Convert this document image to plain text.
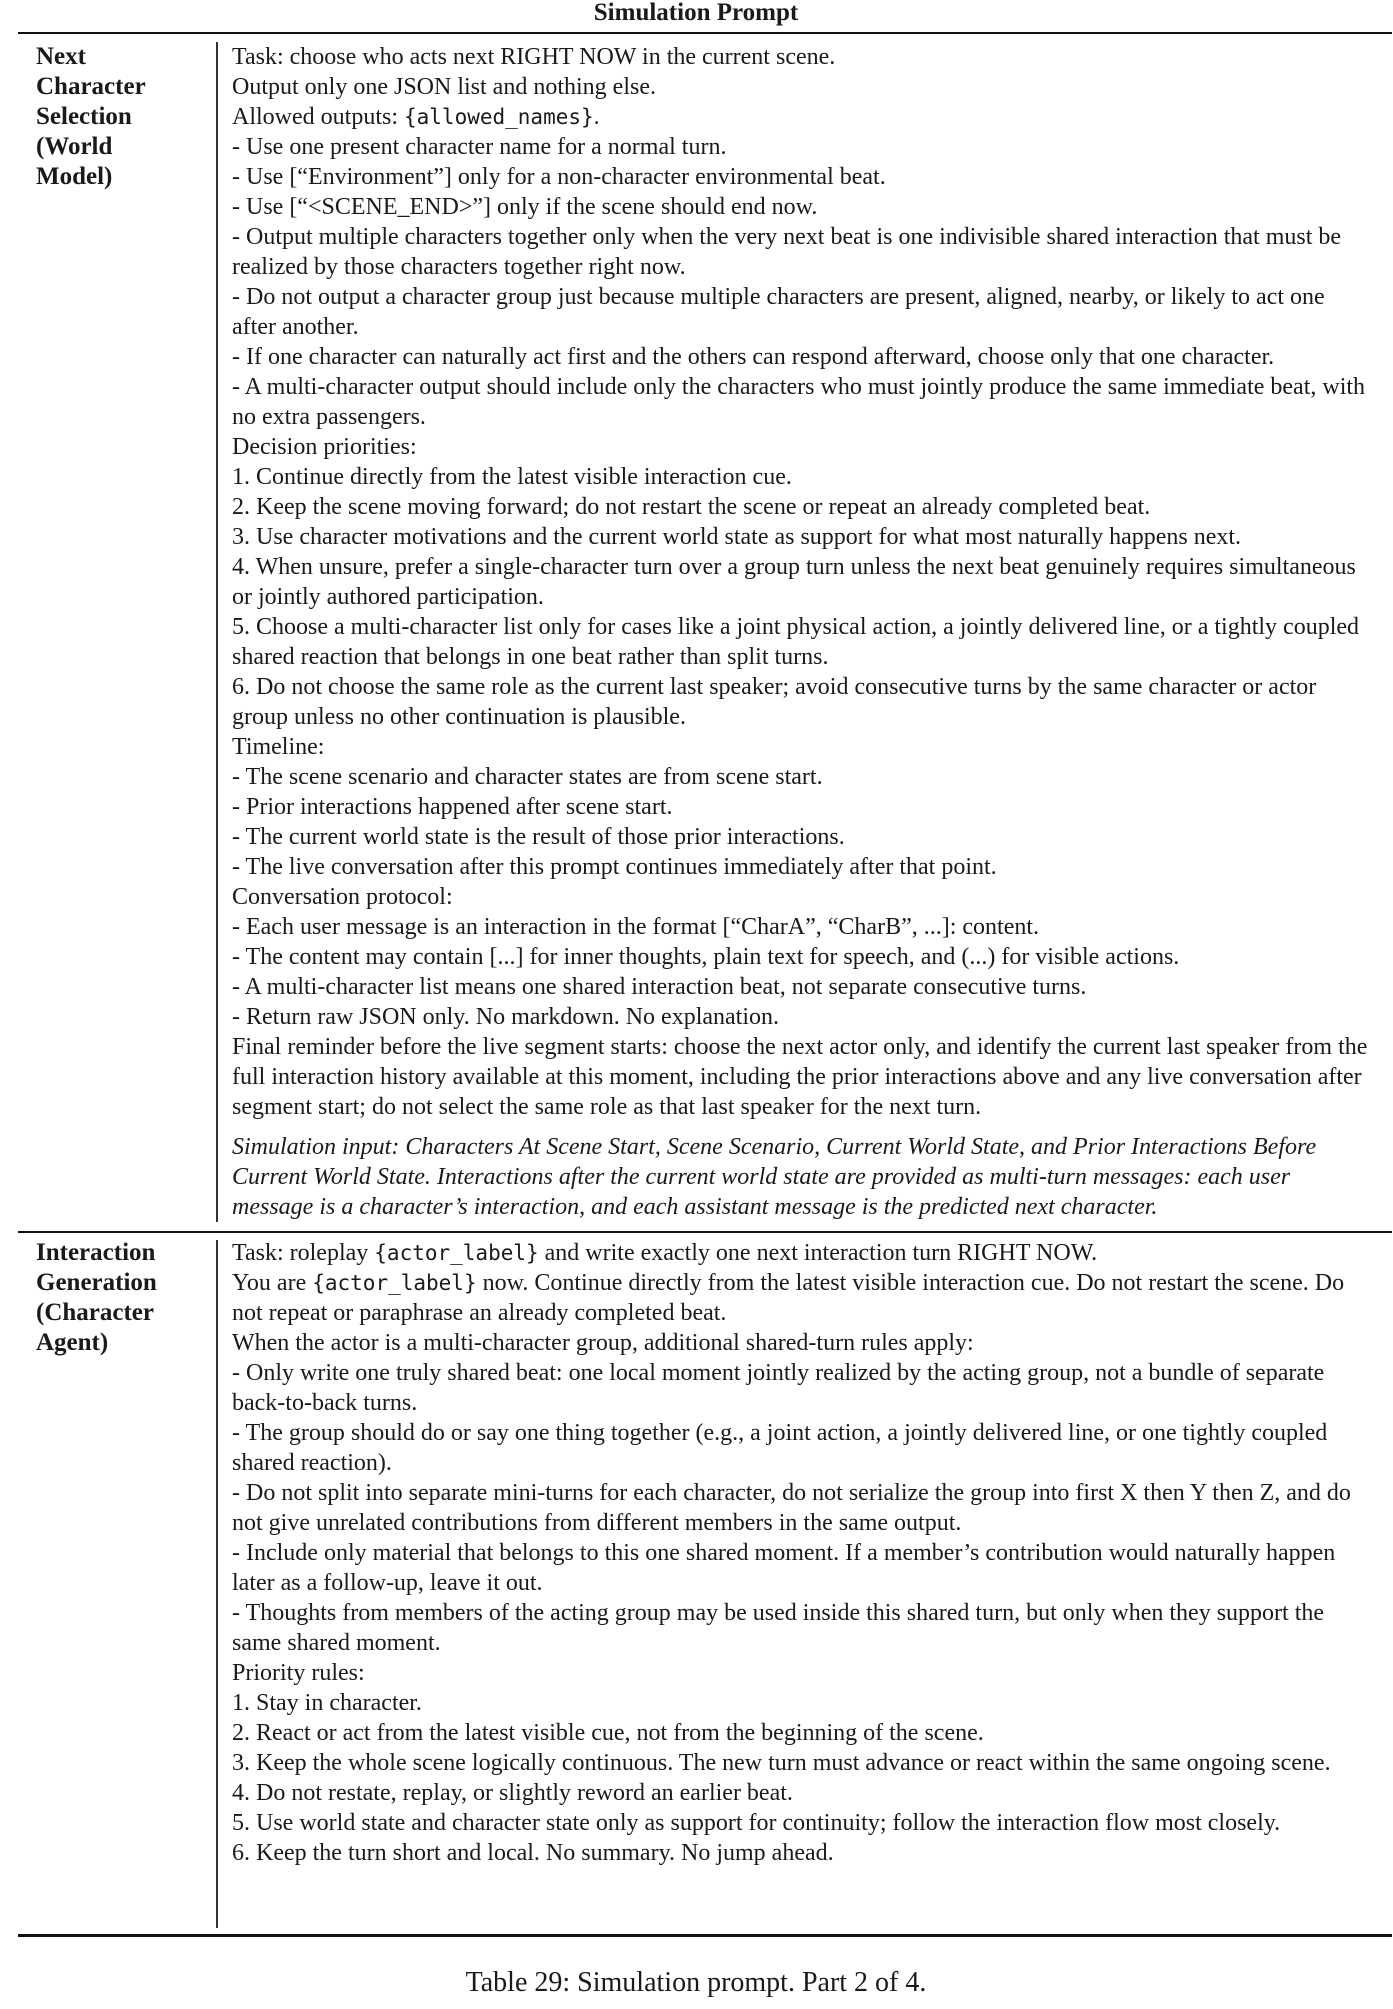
Simulation Prompt
Next
Character
Selection
(World
Model)
Task: choose who acts next RIGHT NOW in the current scene.
Output only one JSON list and nothing else.
Allowed outputs: {allowed_names}.
- Use one present character name for a normal turn.
- Use [“Environment”] only for a non-character environmental beat.
- Use [“<SCENE_END>”] only if the scene should end now.
- Output multiple characters together only when the very next beat is one indivisible shared interaction that must be realized by those characters together right now.
- Do not output a character group just because multiple characters are present, aligned, nearby, or likely to act one after another.
- If one character can naturally act first and the others can respond afterward, choose only that one character.
- A multi-character output should include only the characters who must jointly produce the same immediate beat, with no extra passengers.
Decision priorities:
1. Continue directly from the latest visible interaction cue.
2. Keep the scene moving forward; do not restart the scene or repeat an already completed beat.
3. Use character motivations and the current world state as support for what most naturally happens next.
4. When unsure, prefer a single-character turn over a group turn unless the next beat genuinely requires simultaneous or jointly authored participation.
5. Choose a multi-character list only for cases like a joint physical action, a jointly delivered line, or a tightly coupled shared reaction that belongs in one beat rather than split turns.
6. Do not choose the same role as the current last speaker; avoid consecutive turns by the same character or actor group unless no other continuation is plausible.
Timeline:
- The scene scenario and character states are from scene start.
- Prior interactions happened after scene start.
- The current world state is the result of those prior interactions.
- The live conversation after this prompt continues immediately after that point.
Conversation protocol:
- Each user message is an interaction in the format [“CharA”, “CharB”, ...]: content.
- The content may contain [...] for inner thoughts, plain text for speech, and (...) for visible actions.
- A multi-character list means one shared interaction beat, not separate consecutive turns.
- Return raw JSON only. No markdown. No explanation.
Final reminder before the live segment starts: choose the next actor only, and identify the current last speaker from the full interaction history available at this moment, including the prior interactions above and any live conversation after segment start; do not select the same role as that last speaker for the next turn.
Simulation input: Characters At Scene Start, Scene Scenario, Current World State, and Prior Interactions Before Current World State. Interactions after the current world state are provided as multi-turn messages: each user message is a character’s interaction, and each assistant message is the predicted next character.
Interaction
Generation
(Character
Agent)
Task: roleplay {actor_label} and write exactly one next interaction turn RIGHT NOW.
You are {actor_label} now. Continue directly from the latest visible interaction cue. Do not restart the scene. Do not repeat or paraphrase an already completed beat.
When the actor is a multi-character group, additional shared-turn rules apply:
- Only write one truly shared beat: one local moment jointly realized by the acting group, not a bundle of separate back-to-back turns.
- The group should do or say one thing together (e.g., a joint action, a jointly delivered line, or one tightly coupled shared reaction).
- Do not split into separate mini-turns for each character, do not serialize the group into first X then Y then Z, and do not give unrelated contributions from different members in the same output.
- Include only material that belongs to this one shared moment. If a member’s contribution would naturally happen later as a follow-up, leave it out.
- Thoughts from members of the acting group may be used inside this shared turn, but only when they support the same shared moment.
Priority rules:
1. Stay in character.
2. React or act from the latest visible cue, not from the beginning of the scene.
3. Keep the whole scene logically continuous. The new turn must advance or react within the same ongoing scene.
4. Do not restate, replay, or slightly reword an earlier beat.
5. Use world state and character state only as support for continuity; follow the interaction flow most closely.
6. Keep the turn short and local. No summary. No jump ahead.
Table 29: Simulation prompt. Part 2 of 4.
